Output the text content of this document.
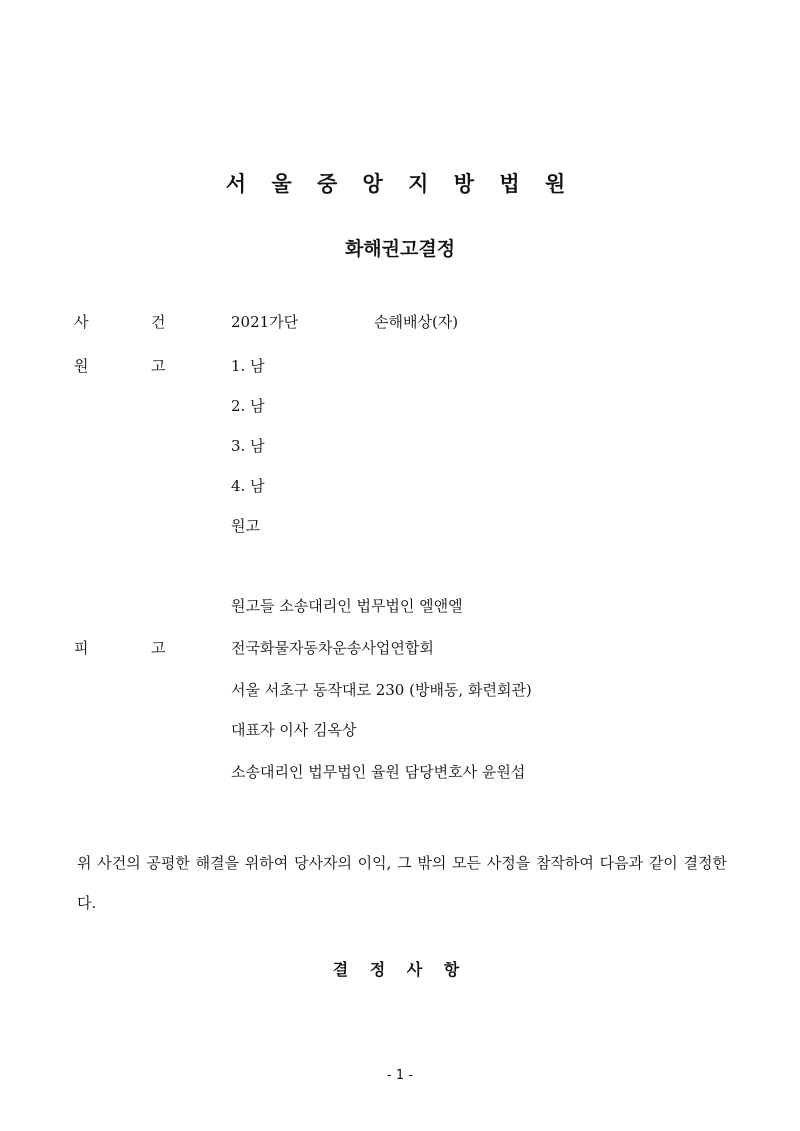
서 울 중 앙 지 방 법 원
화해권고결정
사	건	2021가단	손해배상(자)
원	고	1. 남
2. 남
3. 남
4. 남
원고
원고들 소송대리인 법무법인 엘앤엘
피	고	전국화물자동차운송사업연합회
서울 서초구 동작대로 230 (방배동, 화련회관)
대표자 이사 김옥상
소송대리인 법무법인 율원 담당변호사 윤원섭

위 사건의 공평한 해결을 위하여 당사자의 이익, 그 밖의 모든 사정을 참작하여 다음과 같이 결정한다.

결 정 사 항
- 1 -
